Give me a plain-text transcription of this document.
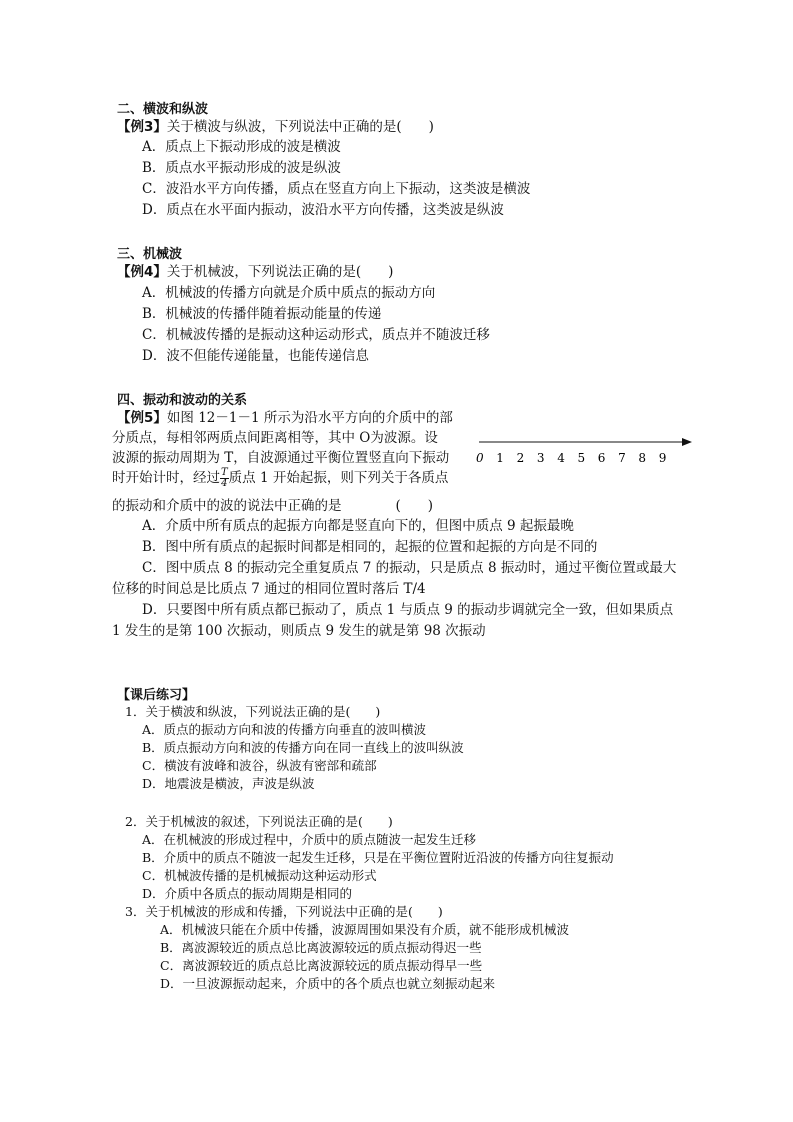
二、横波和纵波
【例3】关于横波与纵波，下列说法中正确的是(　　)
A．质点上下振动形成的波是横波
B．质点水平振动形成的波是纵波
C．波沿水平方向传播，质点在竖直方向上下振动，这类波是横波
D．质点在水平面内振动，波沿水平方向传播，这类波是纵波
三、机械波
【例4】关于机械波，下列说法正确的是(　　)
A．机械波的传播方向就是介质中质点的振动方向
B．机械波的传播伴随着振动能量的传递
C．机械波传播的是振动这种运动形式，质点并不随波迁移
D．波不但能传递能量，也能传递信息
四、振动和波动的关系
【例5】如图 12－1－1 所示为沿水平方向的介质中的部
分质点，每相邻两质点间距离相等，其中 O为波源。设
波源的振动周期为 T，自波源通过平衡位置竖直向下振动
时开始计时，经过 $\frac{T}{4}$ 质点 1 开始起振，则下列关于各质点
的振动和介质中的波的说法中正确的是　　　　(　　)
0 1 2 3 4 5 6 7 8 9
A．介质中所有质点的起振方向都是竖直向下的，但图中质点 9 起振最晚
B．图中所有质点的起振时间都是相同的，起振的位置和起振的方向是不同的
C．图中质点 8 的振动完全重复质点 7 的振动，只是质点 8 振动时，通过平衡位置或最大
位移的时间总是比质点 7 通过的相同位置时落后 T/4
D．只要图中所有质点都已振动了，质点 1 与质点 9 的振动步调就完全一致，但如果质点
1 发生的是第 100 次振动，则质点 9 发生的就是第 98 次振动
【课后练习】
1．关于横波和纵波，下列说法正确的是(　　)
A．质点的振动方向和波的传播方向垂直的波叫横波
B．质点振动方向和波的传播方向在同一直线上的波叫纵波
C．横波有波峰和波谷，纵波有密部和疏部
D．地震波是横波，声波是纵波
2．关于机械波的叙述，下列说法正确的是(　　)
A．在机械波的形成过程中，介质中的质点随波一起发生迁移
B．介质中的质点不随波一起发生迁移，只是在平衡位置附近沿波的传播方向往复振动
C．机械波传播的是机械振动这种运动形式
D．介质中各质点的振动周期是相同的
3．关于机械波的形成和传播，下列说法中正确的是(　　)
A．机械波只能在介质中传播，波源周围如果没有介质，就不能形成机械波
B．离波源较近的质点总比离波源较远的质点振动得迟一些
C．离波源较近的质点总比离波源较远的质点振动得早一些
D．一旦波源振动起来，介质中的各个质点也就立刻振动起来
